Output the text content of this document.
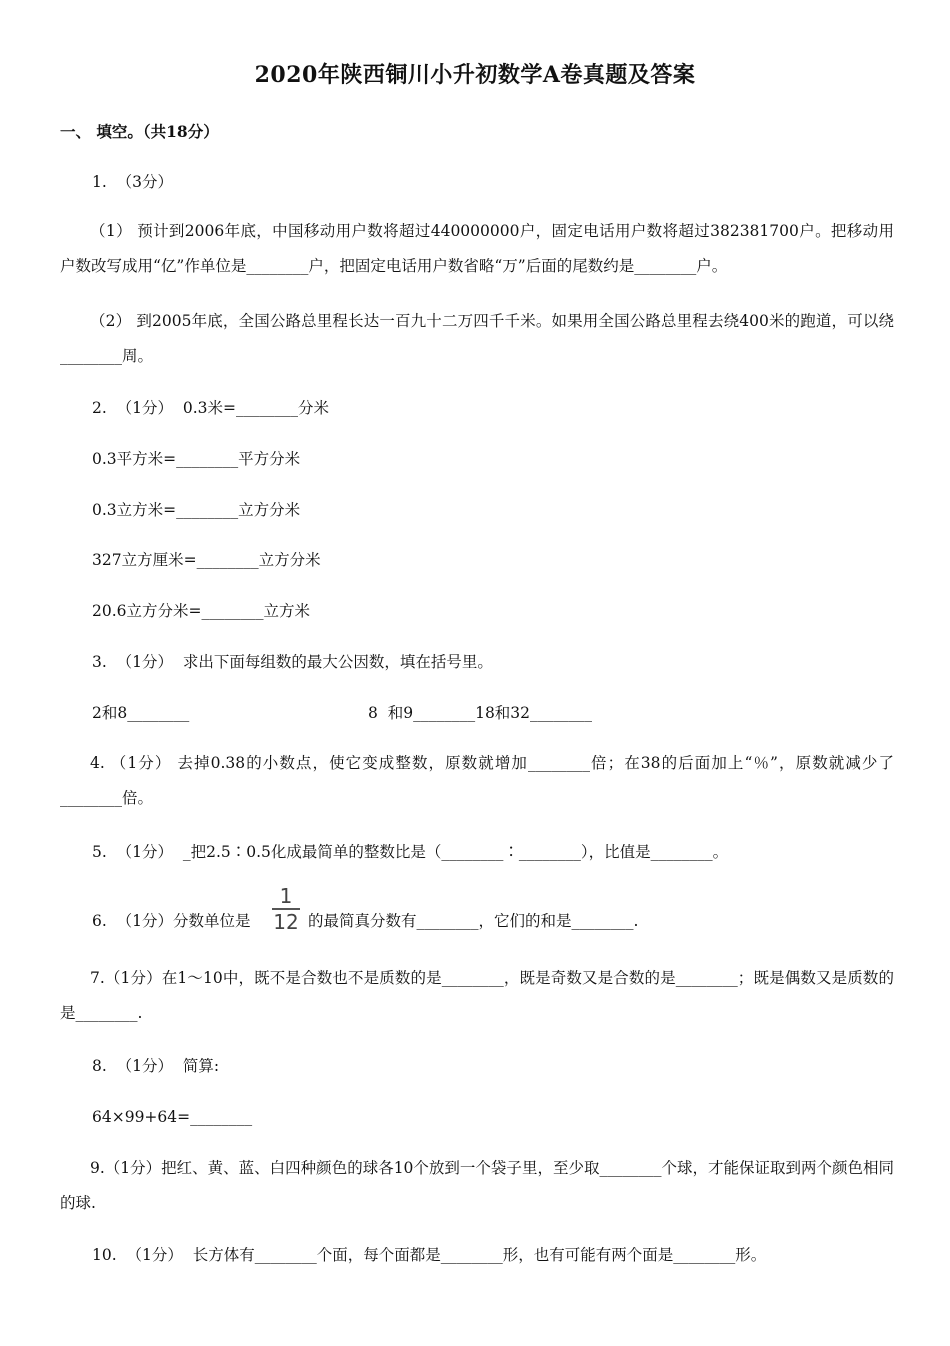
2020年陕西铜川小升初数学A卷真题及答案
一、 填空。（共18分）
1.  （3分）
（1） 预计到2006年底，中国移动用户数将超过440000000户，固定电话用户数将超过382381700户。把移动用户数改写成用“亿”作单位是________户，把固定电话用户数省略“万”后面的尾数约是________户。
（2） 到2005年底，全国公路总里程长达一百九十二万四千千米。如果用全国公路总里程去绕400米的跑道，可以绕________周。
2.  （1分）  0.3米=________分米
0.3平方米=________平方分米
0.3立方米=________立方分米
327立方厘米=________立方分米
20.6立方分米=________立方米
3.  （1分）  求出下面每组数的最大公因数，填在括号里。
2和8________	8  和9________18和32________
4. （1分） 去掉0.38的小数点，使它变成整数，原数就增加________倍；在38的后面加上“％”，原数就减少了________倍。
5.  （1分）  _把2.5∶0.5化成最简单的整数比是（________∶________），比值是________。
6.  （1分）分数单位是
1
12 的最简真分数有________，它们的和是________.
7.（1分）在1～10中，既不是合数也不是质数的是________，既是奇数又是合数的是________；既是偶数又是质数的是________.
8.  （1分）  简算:
64×99+64=________
9.（1分）把红、黄、蓝、白四种颜色的球各10个放到一个袋子里，至少取________个球，才能保证取到两个颜色相同的球.
10.  （1分）  长方体有________个面，每个面都是________形，也有可能有两个面是________形。
